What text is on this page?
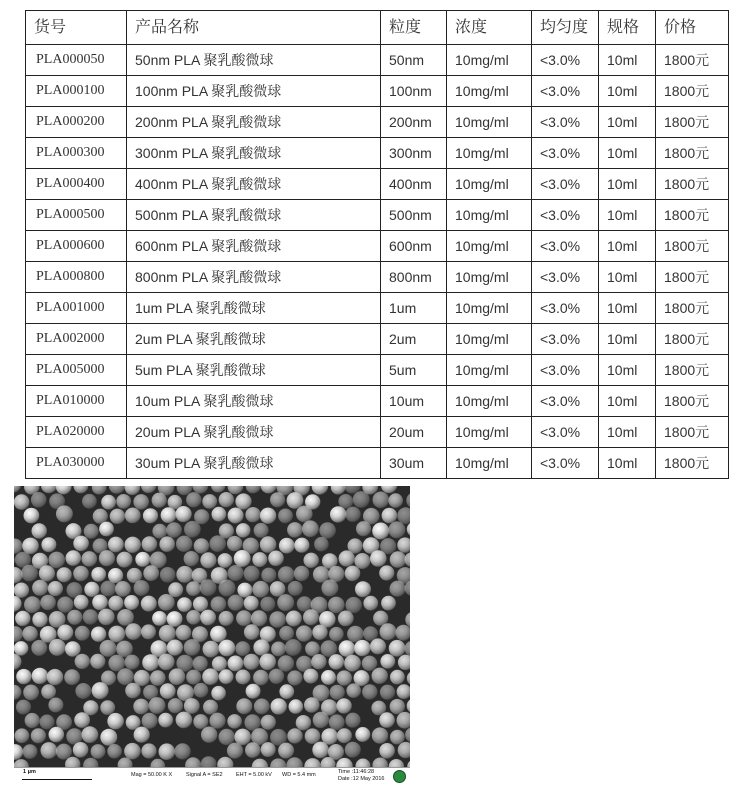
货号	产品名称	粒度	浓度	均匀度	规格	价格
PLA000050	50nm PLA 聚乳酸微球	50nm	10mg/ml	<3.0%	10ml	1800元
PLA000100	100nm PLA 聚乳酸微球	100nm	10mg/ml	<3.0%	10ml	1800元
PLA000200	200nm PLA 聚乳酸微球	200nm	10mg/ml	<3.0%	10ml	1800元
PLA000300	300nm PLA 聚乳酸微球	300nm	10mg/ml	<3.0%	10ml	1800元
PLA000400	400nm PLA 聚乳酸微球	400nm	10mg/ml	<3.0%	10ml	1800元
PLA000500	500nm PLA 聚乳酸微球	500nm	10mg/ml	<3.0%	10ml	1800元
PLA000600	600nm PLA 聚乳酸微球	600nm	10mg/ml	<3.0%	10ml	1800元
PLA000800	800nm PLA 聚乳酸微球	800nm	10mg/ml	<3.0%	10ml	1800元
PLA001000	1um PLA 聚乳酸微球	1um	10mg/ml	<3.0%	10ml	1800元
PLA002000	2um PLA 聚乳酸微球	2um	10mg/ml	<3.0%	10ml	1800元
PLA005000	5um PLA 聚乳酸微球	5um	10mg/ml	<3.0%	10ml	1800元
PLA010000	10um PLA 聚乳酸微球	10um	10mg/ml	<3.0%	10ml	1800元
PLA020000	20um PLA 聚乳酸微球	20um	10mg/ml	<3.0%	10ml	1800元
PLA030000	30um PLA 聚乳酸微球	30um	10mg/ml	<3.0%	10ml	1800元
1 μm	Mag = 50.00 K X	Signal A = SE2 EHT = 5.00 kV WD = 5.4 mm	Time :11:46:28
Date :12 May 2016
